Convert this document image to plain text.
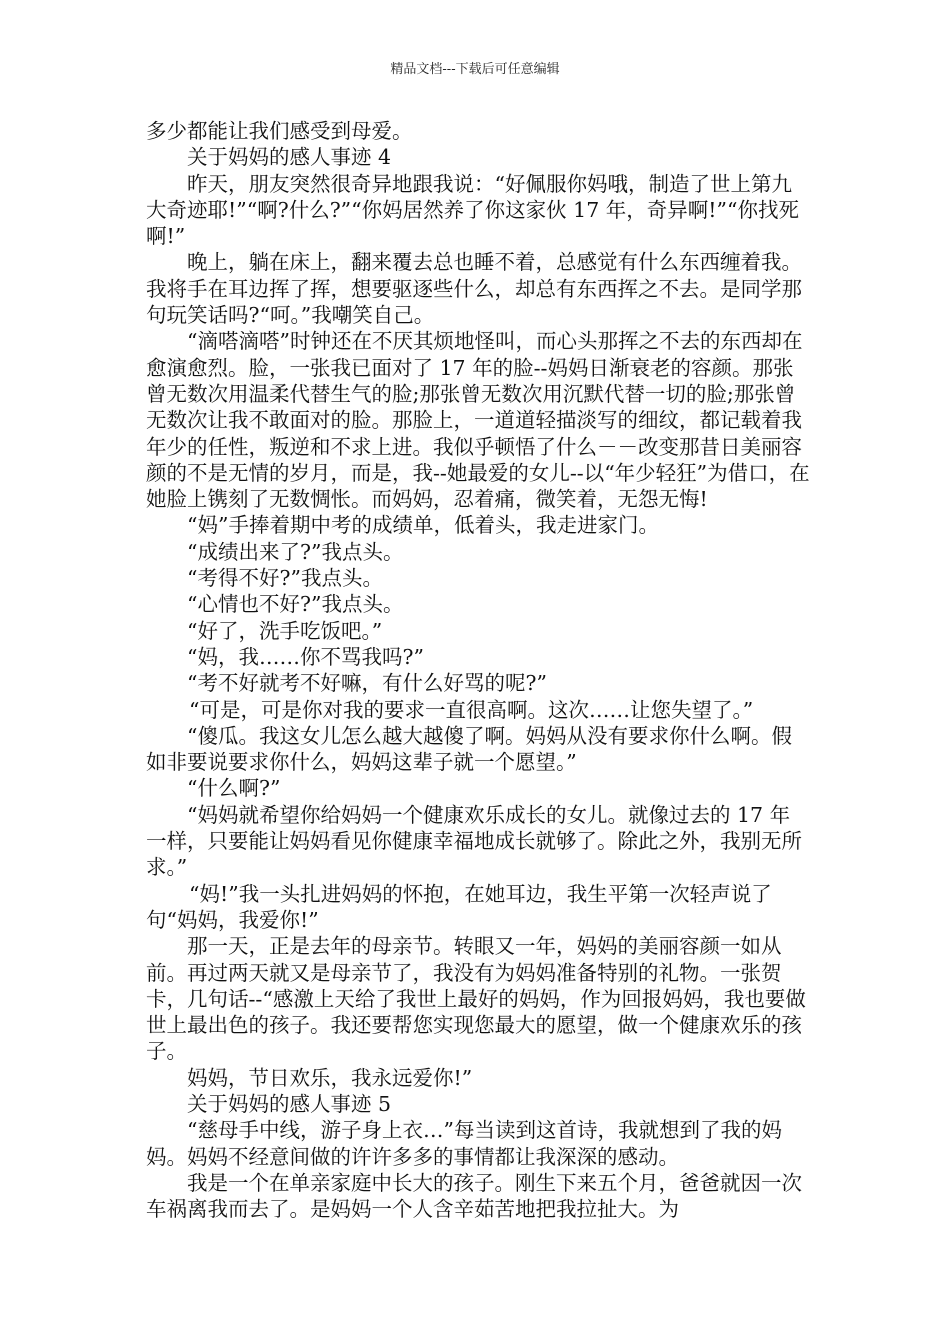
精品文档---下载后可任意编辑

多少都能让我们感受到母爱。

关于妈妈的感人事迹 4

昨天，朋友突然很奇异地跟我说：“好佩服你妈哦，制造了世上第九大奇迹耶!”“啊?什么?”“你妈居然养了你这家伙 17 年，奇异啊!”“你找死啊!”

晚上，躺在床上，翻来覆去总也睡不着，总感觉有什么东西缠着我。我将手在耳边挥了挥，想要驱逐些什么，却总有东西挥之不去。是同学那句玩笑话吗?“呵。”我嘲笑自己。

“滴嗒滴嗒”时钟还在不厌其烦地怪叫，而心头那挥之不去的东西却在愈演愈烈。脸，一张我已面对了 17 年的脸--妈妈日渐衰老的容颜。那张曾无数次用温柔代替生气的脸;那张曾无数次用沉默代替一切的脸;那张曾无数次让我不敢面对的脸。那脸上，一道道轻描淡写的细纹，都记载着我年少的任性，叛逆和不求上进。我似乎顿悟了什么－－改变那昔日美丽容颜的不是无情的岁月，而是，我--她最爱的女儿--以“年少轻狂”为借口，在她脸上镌刻了无数惆怅。而妈妈，忍着痛，微笑着，无怨无悔!

“妈”手捧着期中考的成绩单，低着头，我走进家门。

“成绩出来了?”我点头。

“考得不好?”我点头。

“心情也不好?”我点头。

“好了，洗手吃饭吧。”

“妈，我……你不骂我吗?”

“考不好就考不好嘛，有什么好骂的呢?”

“可是，可是你对我的要求一直很高啊。这次……让您失望了。”

“傻瓜。我这女儿怎么越大越傻了啊。妈妈从没有要求你什么啊。假如非要说要求你什么，妈妈这辈子就一个愿望。”

“什么啊?”

“妈妈就希望你给妈妈一个健康欢乐成长的女儿。就像过去的 17 年一样，只要能让妈妈看见你健康幸福地成长就够了。除此之外，我别无所求。”

“妈!”我一头扎进妈妈的怀抱，在她耳边，我生平第一次轻声说了句“妈妈，我爱你!”

那一天，正是去年的母亲节。转眼又一年，妈妈的美丽容颜一如从前。再过两天就又是母亲节了，我没有为妈妈准备特别的礼物。一张贺卡，几句话--“感激上天给了我世上最好的妈妈，作为回报妈妈，我也要做世上最出色的孩子。我还要帮您实现您最大的愿望，做一个健康欢乐的孩子。

妈妈，节日欢乐，我永远爱你!”

关于妈妈的感人事迹 5

“慈母手中线，游子身上衣…”每当读到这首诗，我就想到了我的妈妈。妈妈不经意间做的许许多多的事情都让我深深的感动。

我是一个在单亲家庭中长大的孩子。刚生下来五个月，爸爸就因一次车祸离我而去了。是妈妈一个人含辛茹苦地把我拉扯大。为
